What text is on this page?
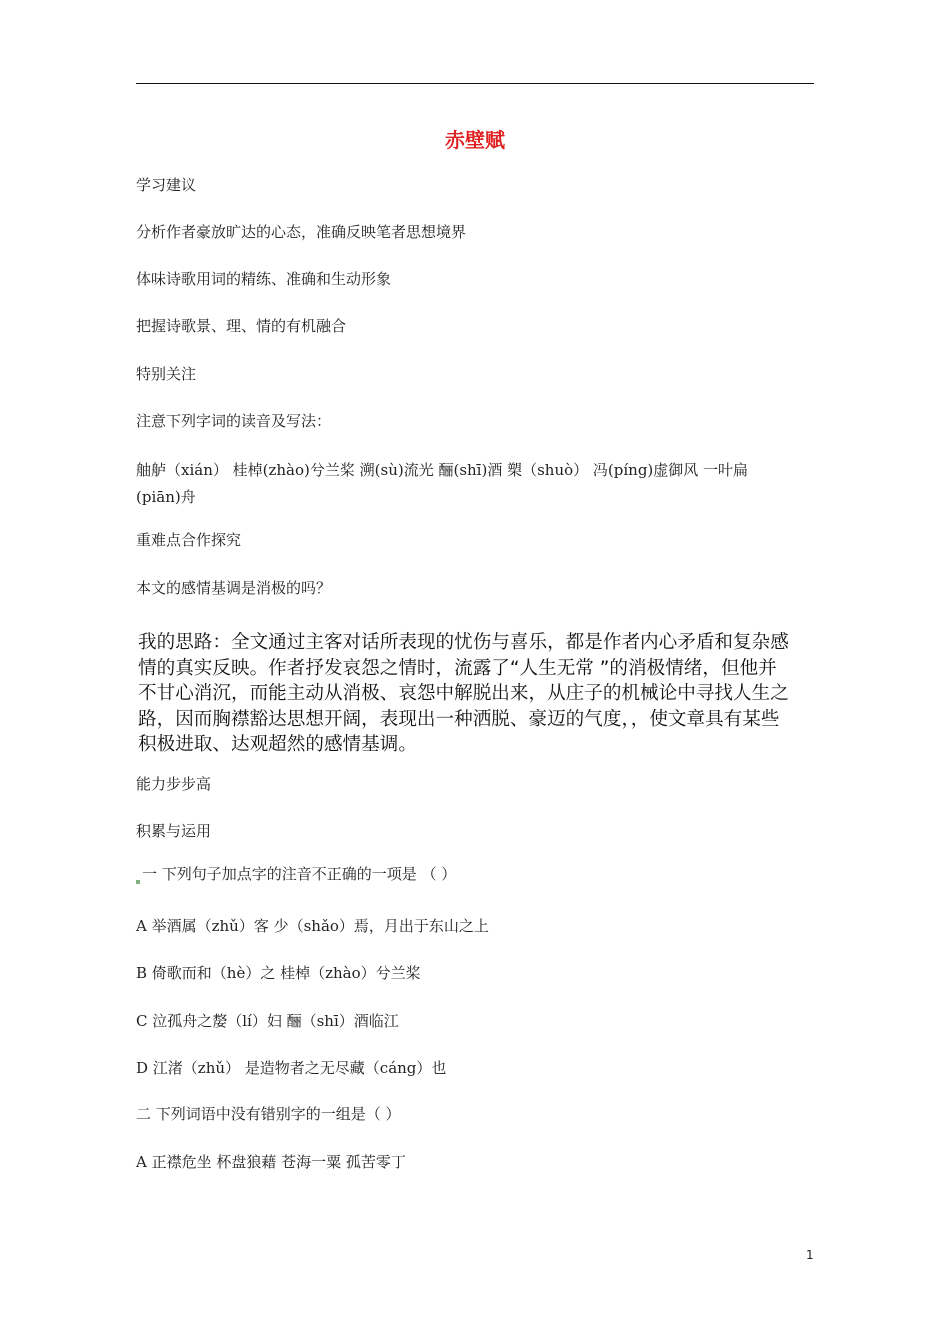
赤壁赋
学习建议
分析作者豪放旷达的心态，准确反映笔者思想境界
体味诗歌用词的精练、准确和生动形象
把握诗歌景、理、情的有机融合
特别关注
注意下列字词的读音及写法：
舳舻（xián） 桂棹(zhào)兮兰桨 溯(sù)流光 酾(shī)酒 槊（shuò） 冯(píng)虚御风 一叶扁
(piān)舟
重难点合作探究
本文的感情基调是消极的吗？
我的思路：全文通过主客对话所表现的忧伤与喜乐，都是作者内心矛盾和复杂感
情的真实反映。作者抒发哀怨之情时，流露了“人生无常 ”的消极情绪，但他并
不甘心消沉，而能主动从消极、哀怨中解脱出来，从庄子的机械论中寻找人生之
路，因而胸襟豁达思想开阔，表现出一种洒脱、豪迈的气度，，使文章具有某些
积极进取、达观超然的感情基调。
能力步步高
积累与运用
一 下列句子加点字的注音不正确的一项是 （ ）
A 举酒属（zhǔ）客 少（shǎo）焉，月出于东山之上
B 倚歌而和（hè）之 桂棹（zhào）兮兰桨
C 泣孤舟之嫠（lí）妇 酾（shī）酒临江
D 江渚（zhǔ） 是造物者之无尽藏（cáng）也
二 下列词语中没有错别字的一组是（ ）
A 正襟危坐 杯盘狼藉 苍海一粟 孤苦零丁
1
